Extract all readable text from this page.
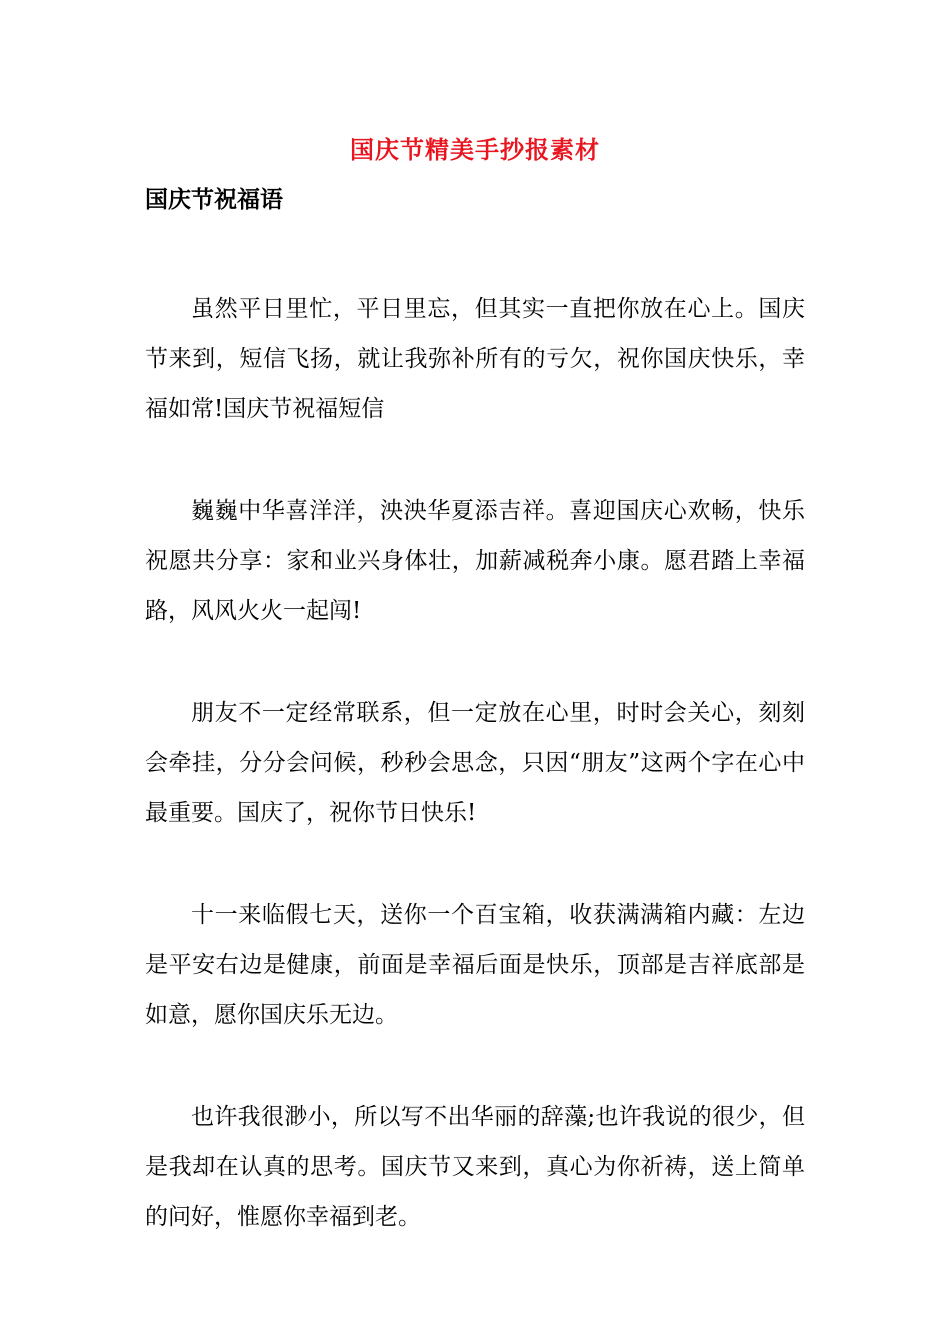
国庆节精美手抄报素材
国庆节祝福语

虽然平日里忙，平日里忘，但其实一直把你放在心上。国庆节来到，短信飞扬，就让我弥补所有的亏欠，祝你国庆快乐，幸福如常!国庆节祝福短信

巍巍中华喜洋洋，泱泱华夏添吉祥。喜迎国庆心欢畅，快乐祝愿共分享：家和业兴身体壮，加薪减税奔小康。愿君踏上幸福路，风风火火一起闯!

朋友不一定经常联系，但一定放在心里，时时会关心，刻刻会牵挂，分分会问候，秒秒会思念，只因“朋友”这两个字在心中最重要。国庆了，祝你节日快乐!

十一来临假七天，送你一个百宝箱，收获满满箱内藏：左边是平安右边是健康，前面是幸福后面是快乐，顶部是吉祥底部是如意，愿你国庆乐无边。

也许我很渺小，所以写不出华丽的辞藻;也许我说的很少，但是我却在认真的思考。国庆节又来到，真心为你祈祷，送上简单的问好，惟愿你幸福到老。
